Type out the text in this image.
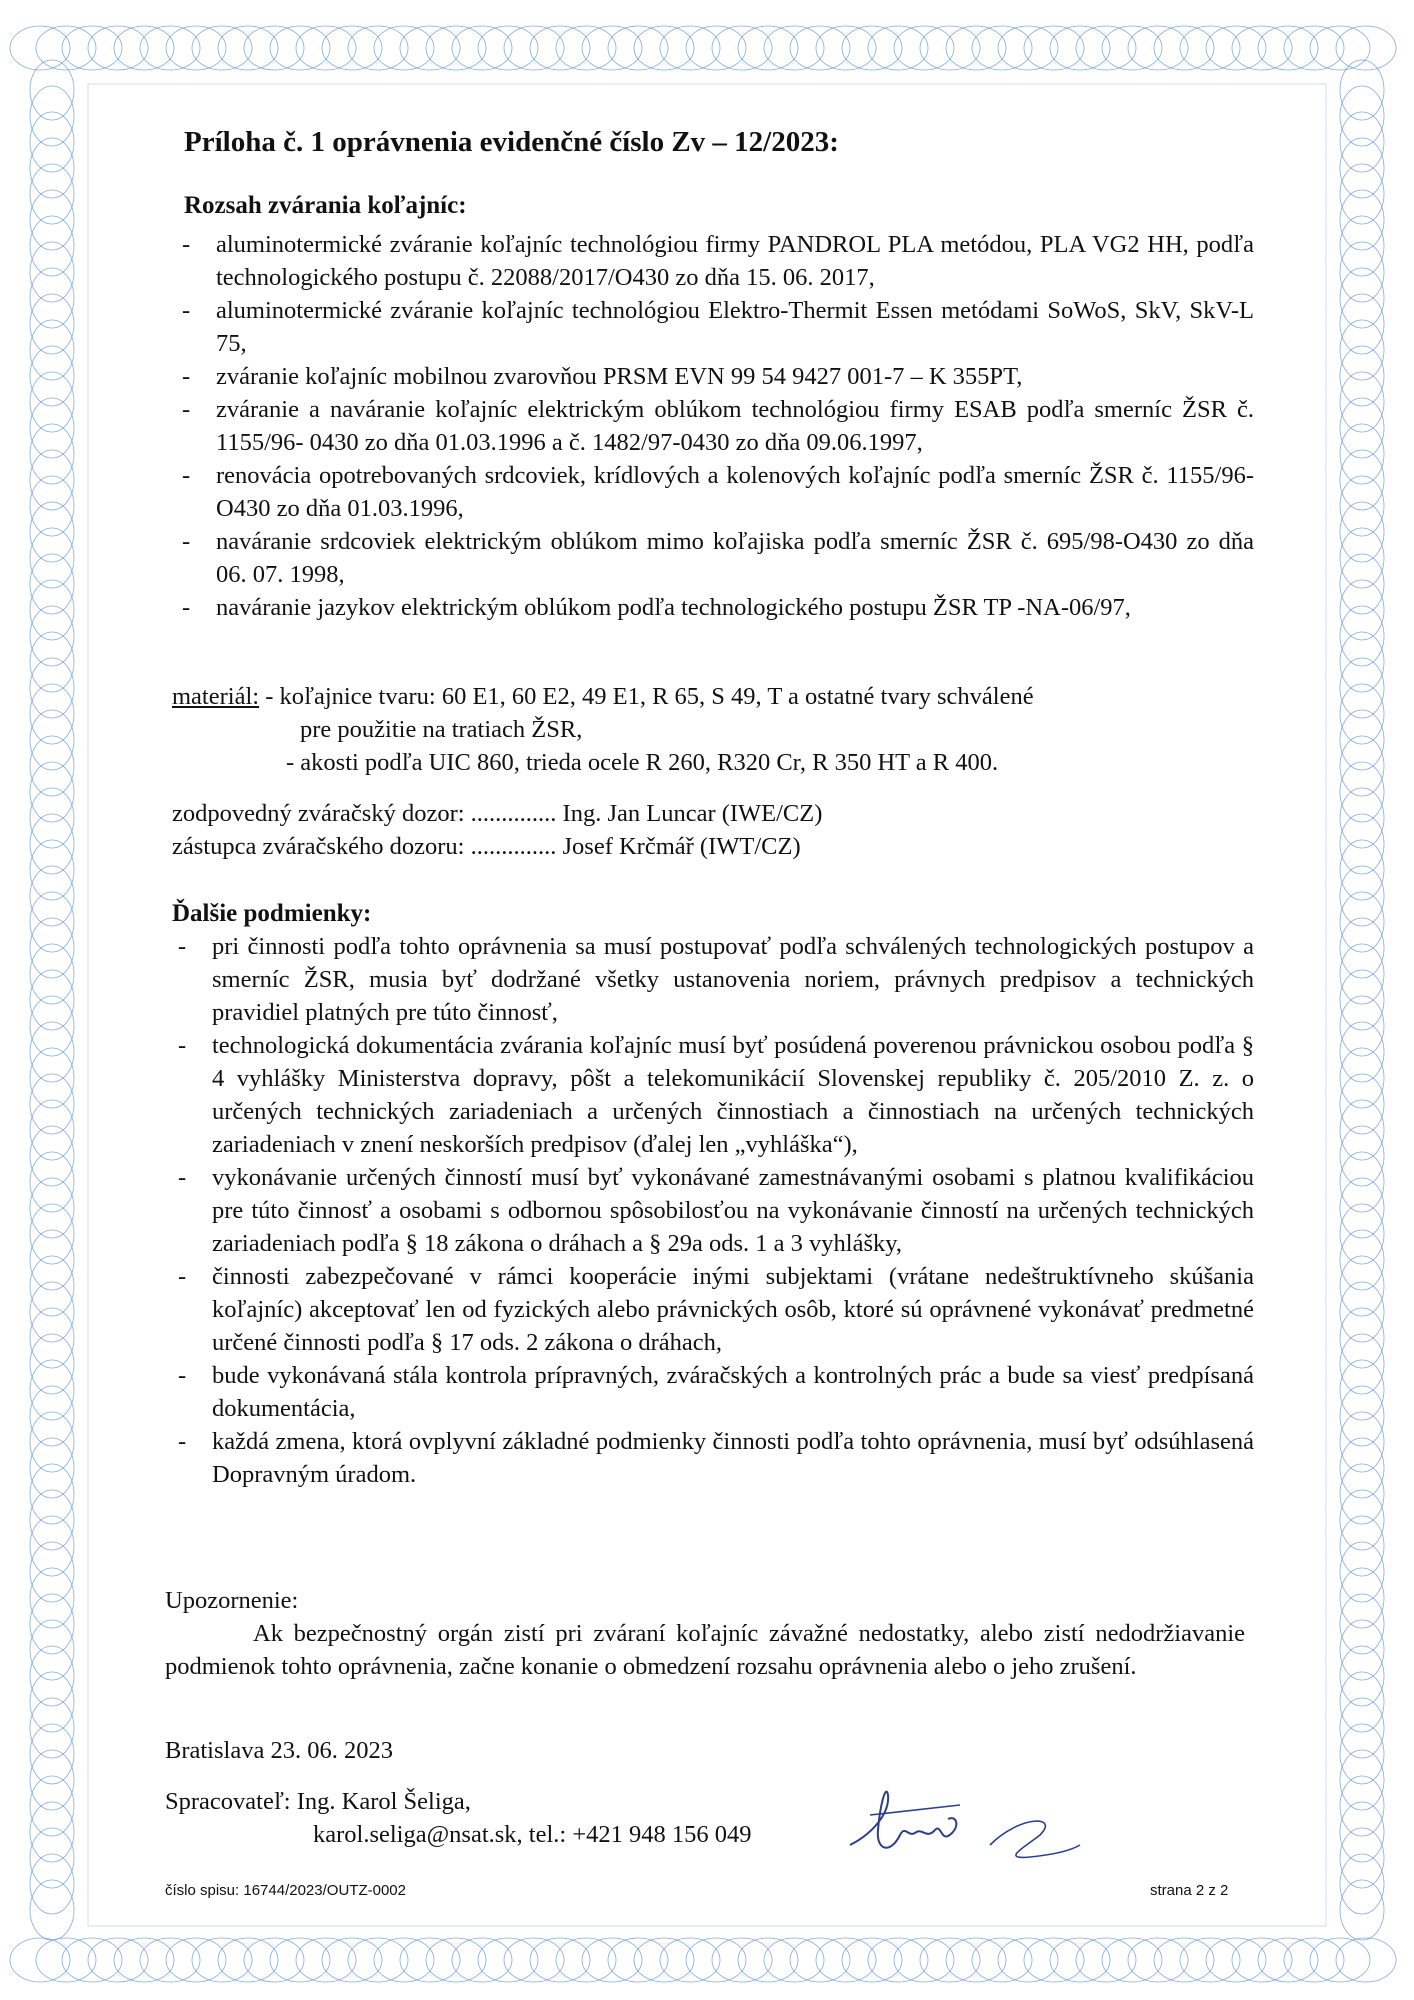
Príloha č. 1 oprávnenia evidenčné číslo Zv – 12/2023:
Rozsah zvárania koľajníc:
- aluminotermické zváranie koľajníc technológiou firmy PANDROL PLA metódou, PLA VG2 HH, podľa technologického postupu č. 22088/2017/O430 zo dňa 15. 06. 2017,
- aluminotermické zváranie koľajníc technológiou Elektro-Thermit Essen metódami SoWoS, SkV, SkV-L 75,
- zváranie koľajníc mobilnou zvarovňou PRSM EVN 99 54 9427 001-7 – K 355PT,
- zváranie a naváranie koľajníc elektrickým oblúkom technológiou firmy ESAB podľa smerníc ŽSR č. 1155/96- 0430 zo dňa 01.03.1996 a č. 1482/97-0430 zo dňa 09.06.1997,
- renovácia opotrebovaných srdcoviek, krídlových a kolenových koľajníc podľa smerníc ŽSR č. 1155/96-O430 zo dňa 01.03.1996,
- naváranie srdcoviek elektrickým oblúkom mimo koľajiska podľa smerníc ŽSR č. 695/98-O430 zo dňa 06. 07. 1998,
- naváranie jazykov elektrickým oblúkom podľa technologického postupu ŽSR TP -NA-06/97,
materiál: - koľajnice tvaru: 60 E1, 60 E2, 49 E1, R 65, S 49, T a ostatné tvary schválené
pre použitie na tratiach ŽSR,
- akosti podľa UIC 860, trieda ocele R 260, R320 Cr, R 350 HT a R 400.
zodpovedný zváračský dozor: .............. Ing. Jan Luncar (IWE/CZ)
zástupca zváračského dozoru: .............. Josef Krčmář (IWT/CZ)
Ďalšie podmienky:
- pri činnosti podľa tohto oprávnenia sa musí postupovať podľa schválených technologických postupov a smerníc ŽSR, musia byť dodržané všetky ustanovenia noriem, právnych predpisov a technických pravidiel platných pre túto činnosť,
- technologická dokumentácia zvárania koľajníc musí byť posúdená poverenou právnickou osobou podľa § 4 vyhlášky Ministerstva dopravy, pôšt a telekomunikácií Slovenskej republiky č. 205/2010 Z. z. o určených technických zariadeniach a určených činnostiach a činnostiach na určených technických zariadeniach v znení neskorších predpisov (ďalej len „vyhláška“),
- vykonávanie určených činností musí byť vykonávané zamestnávanými osobami s platnou kvalifikáciou pre túto činnosť a osobami s odbornou spôsobilosťou na vykonávanie činností na určených technických zariadeniach podľa § 18 zákona o dráhach a § 29a ods. 1 a 3 vyhlášky,
- činnosti zabezpečované v rámci kooperácie inými subjektami (vrátane nedeštruktívneho skúšania koľajníc) akceptovať len od fyzických alebo právnických osôb, ktoré sú oprávnené vykonávať predmetné určené činnosti podľa § 17 ods. 2 zákona o dráhach,
- bude vykonávaná stála kontrola prípravných, zváračských a kontrolných prác a bude sa viesť predpísaná dokumentácia,
- každá zmena, ktorá ovplyvní základné podmienky činnosti podľa tohto oprávnenia, musí byť odsúhlasená Dopravným úradom.
Upozornenie:
Ak bezpečnostný orgán zistí pri zváraní koľajníc závažné nedostatky, alebo zistí nedodržiavanie podmienok tohto oprávnenia, začne konanie o obmedzení rozsahu oprávnenia alebo o jeho zrušení.
Bratislava 23. 06. 2023
Spracovateľ: Ing. Karol Šeliga,
karol.seliga@nsat.sk, tel.: +421 948 156 049
číslo spisu: 16744/2023/OUTZ-0002	strana 2 z 2
